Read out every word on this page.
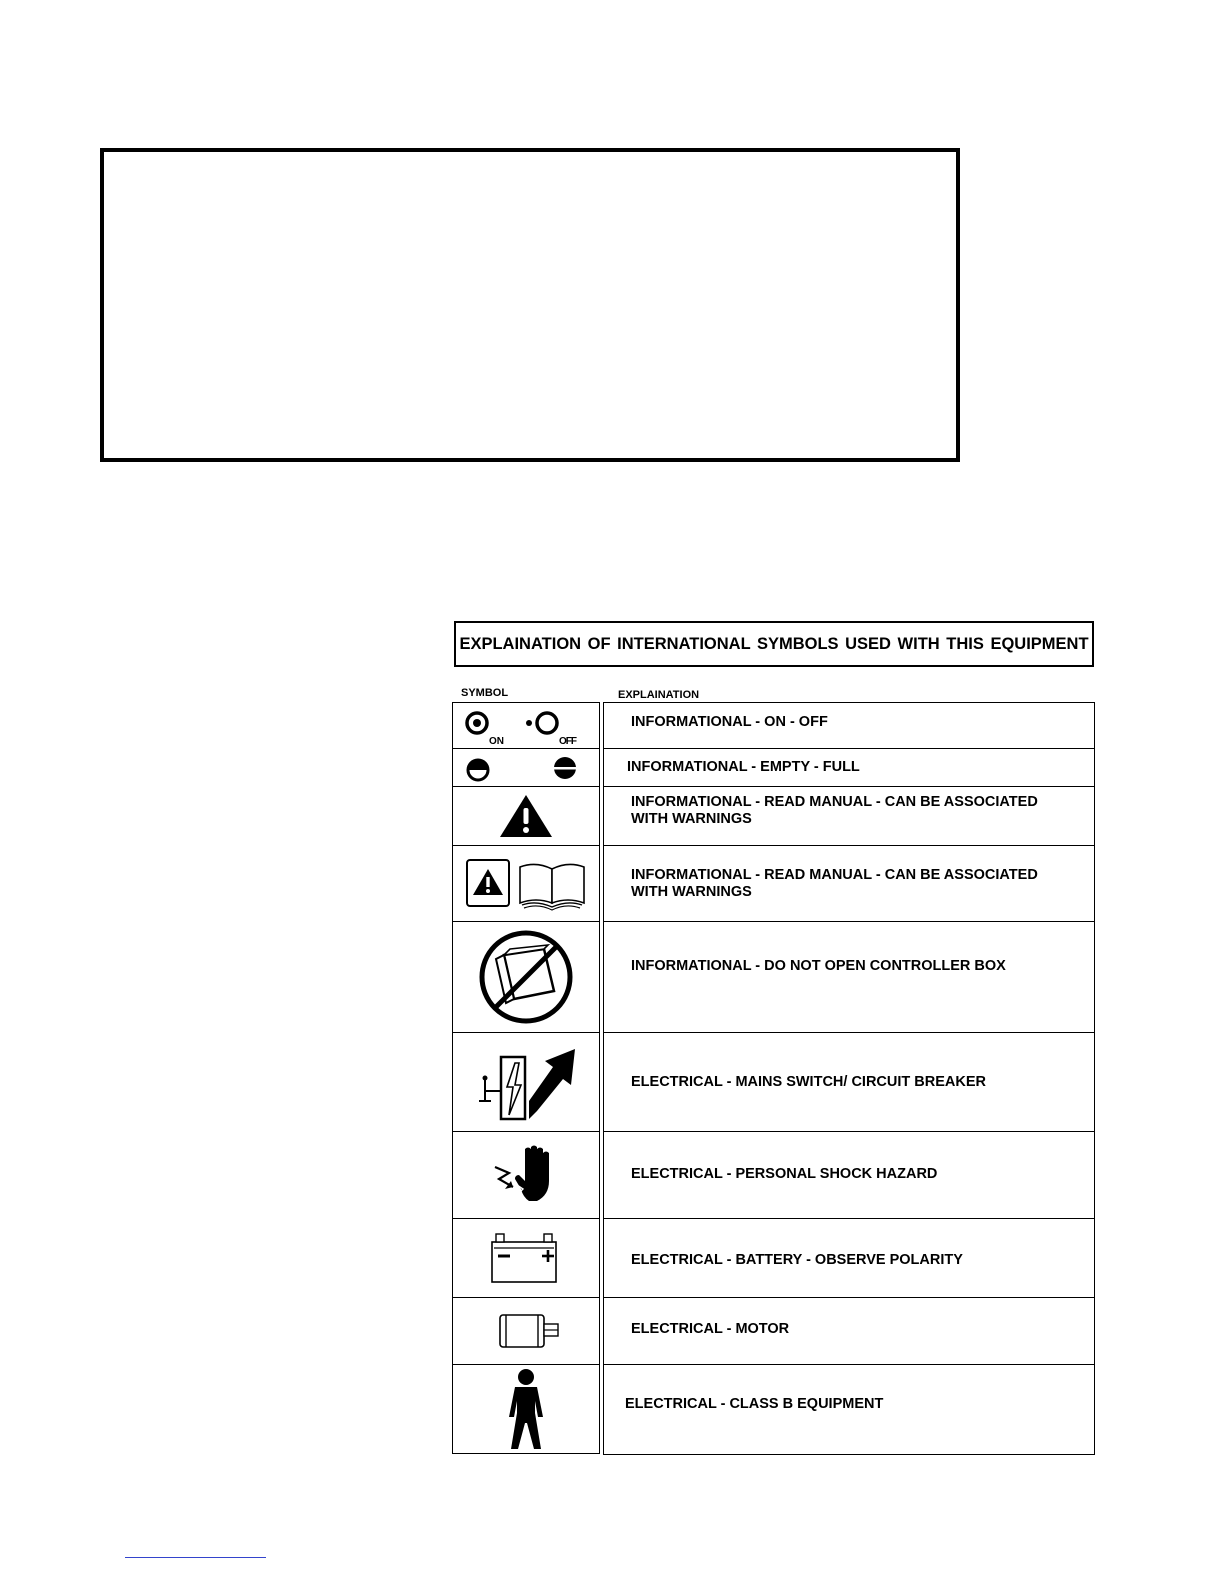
EXPLAINATION OF INTERNATIONAL SYMBOLS USED WITH THIS EQUIPMENT
SYMBOL	EXPLAINATION
ON	OFF
INFORMATIONAL - ON - OFF
INFORMATIONAL - EMPTY - FULL
INFORMATIONAL - READ MANUAL - CAN BE ASSOCIATED WITH WARNINGS
INFORMATIONAL - READ MANUAL - CAN BE ASSOCIATED WITH WARNINGS
INFORMATIONAL - DO NOT OPEN CONTROLLER BOX
ELECTRICAL - MAINS SWITCH/ CIRCUIT BREAKER
ELECTRICAL - PERSONAL SHOCK HAZARD
ELECTRICAL - BATTERY - OBSERVE POLARITY
ELECTRICAL - MOTOR
ELECTRICAL - CLASS B EQUIPMENT
